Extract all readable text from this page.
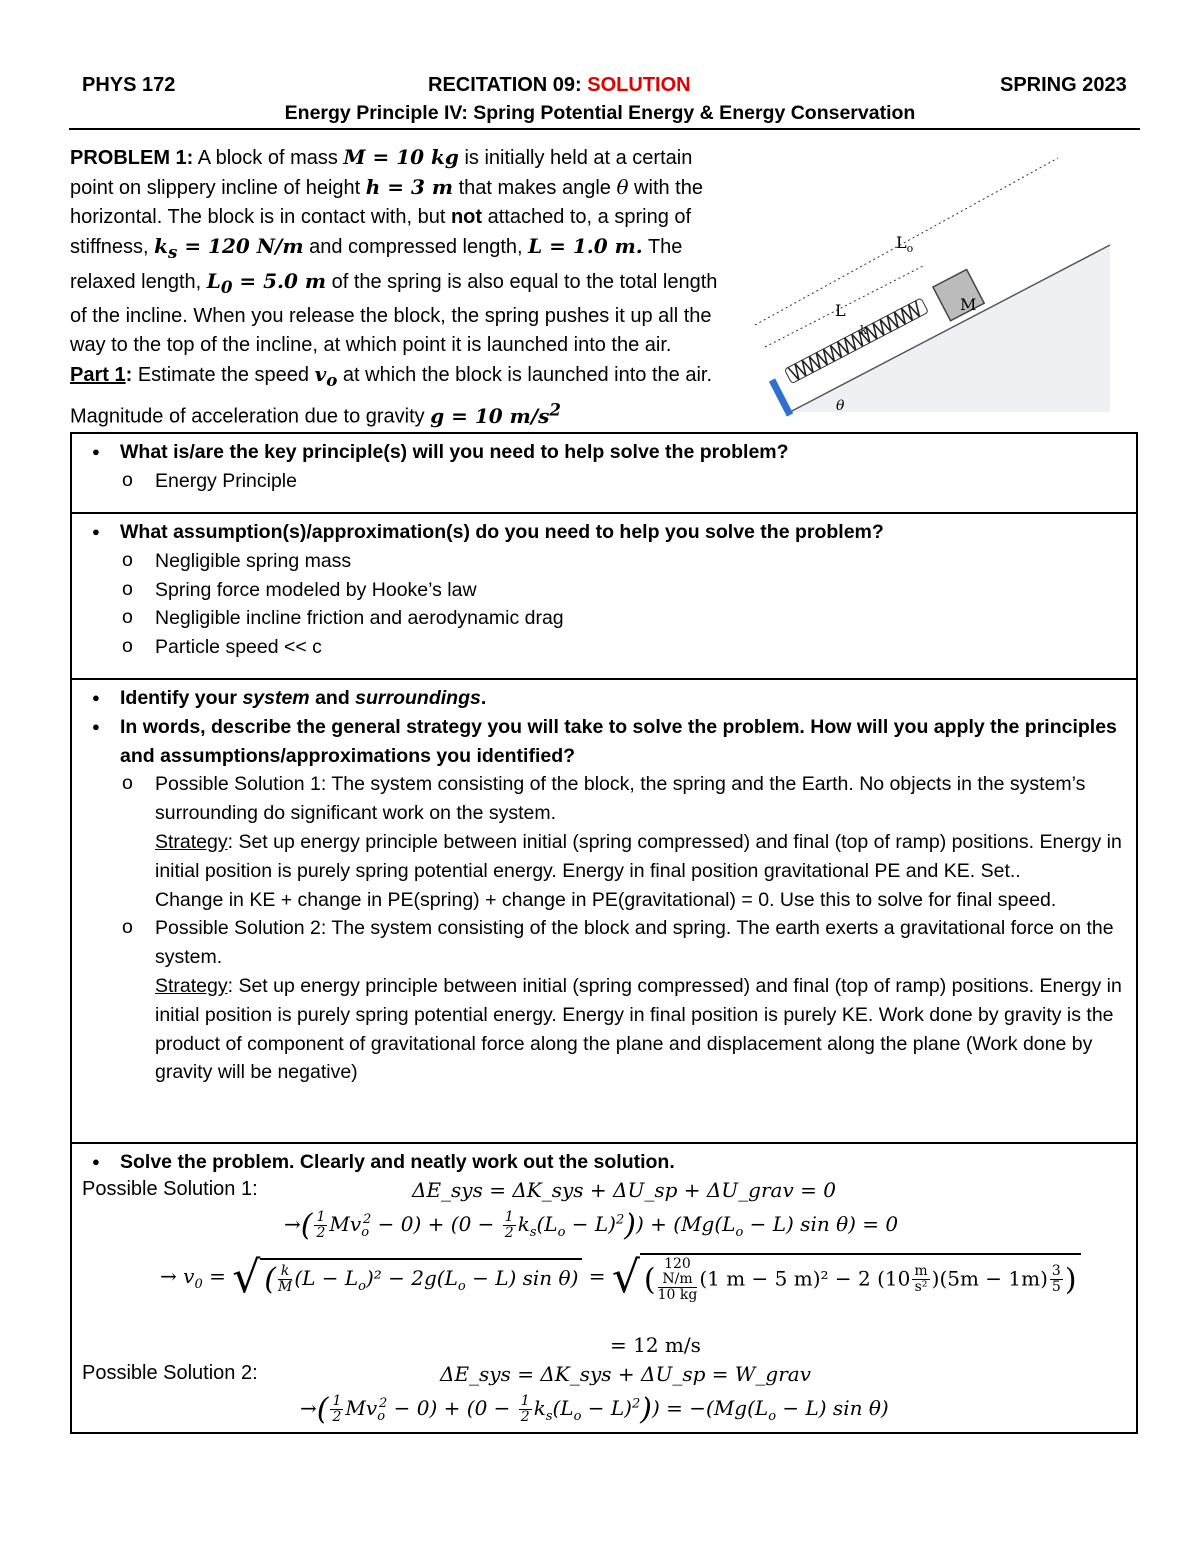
PHYS 172	RECITATION 09: SOLUTION	SPRING 2023
Energy Principle IV: Spring Potential Energy & Energy Conservation
PROBLEM 1: A block of mass M = 10 kg is initially held at a certain point on slippery incline of height h = 3 m that makes angle θ with the horizontal. The block is in contact with, but not attached to, a spring of stiffness, $k_s = 120$ N/m and compressed length, L = 1.0 m. The relaxed length, $L_0 = 5.0$ m of the spring is also equal to the total length of the incline. When you release the block, the spring pushes it up all the way to the top of the incline, at which point it is launched into the air.
Part 1: Estimate the speed $v_o$ at which the block is launched into the air. Magnitude of acceleration due to gravity g = 10 $m/s^2$
M
L
$L_o$
k
θ
● What is/are the key principle(s) will you need to help solve the problem?
o Energy Principle
● What assumption(s)/approximation(s) do you need to help you solve the problem?
o Negligible spring mass
o Spring force modeled by Hooke’s law
o Negligible incline friction and aerodynamic drag
o Particle speed << c
● Identify your system and surroundings.
● In words, describe the general strategy you will take to solve the problem. How will you apply the principles and assumptions/approximations you identified?
o Possible Solution 1: The system consisting of the block, the spring and the Earth. No objects in the system’s surrounding do significant work on the system.
Strategy: Set up energy principle between initial (spring compressed) and final (top of ramp) positions. Energy in initial position is purely spring potential energy. Energy in final position gravitational PE and KE. Set..
Change in KE + change in PE(spring) + change in PE(gravitational) = 0. Use this to solve for final speed.
o Possible Solution 2: The system consisting of the block and spring. The earth exerts a gravitational force on the system.
Strategy: Set up energy principle between initial (spring compressed) and final (top of ramp) positions. Energy in initial position is purely spring potential energy. Energy in final position is purely KE. Work done by gravity is the product of component of gravitational force along the plane and displacement along the plane (Work done by gravity will be negative)
● Solve the problem. Clearly and neatly work out the solution.
Possible Solution 1:	ΔE_sys = ΔK_sys + ΔU_sp + ΔU_grav = 0
→( $\frac{1}{2} Mv_o^2 - 0) + (0 - \frac{1}{2} k_s(L_o - L)^2)) + (Mg(L_o - L)$ sin θ) = 0
→ $v_0$ = √ ( $\frac{k}{M} (L - L_o)^2 - 2g(L_o - L)$ sin θ) = √ ( 120
N/m
10 kg (1 m − 5 m)² − 2 $(10 \frac{m}{\text{s²}} )(5m - 1m) \frac{3}{5}$ )
= 12 m/s
Possible Solution 2:	ΔE_sys = ΔK_sys + ΔU_sp = W_grav
→( $\frac{1}{2} Mv_o^2 - 0) + (0 - \frac{1}{2} k_s(L_o - L)^2)) = -(Mg(L_o - L)$ sin θ)
